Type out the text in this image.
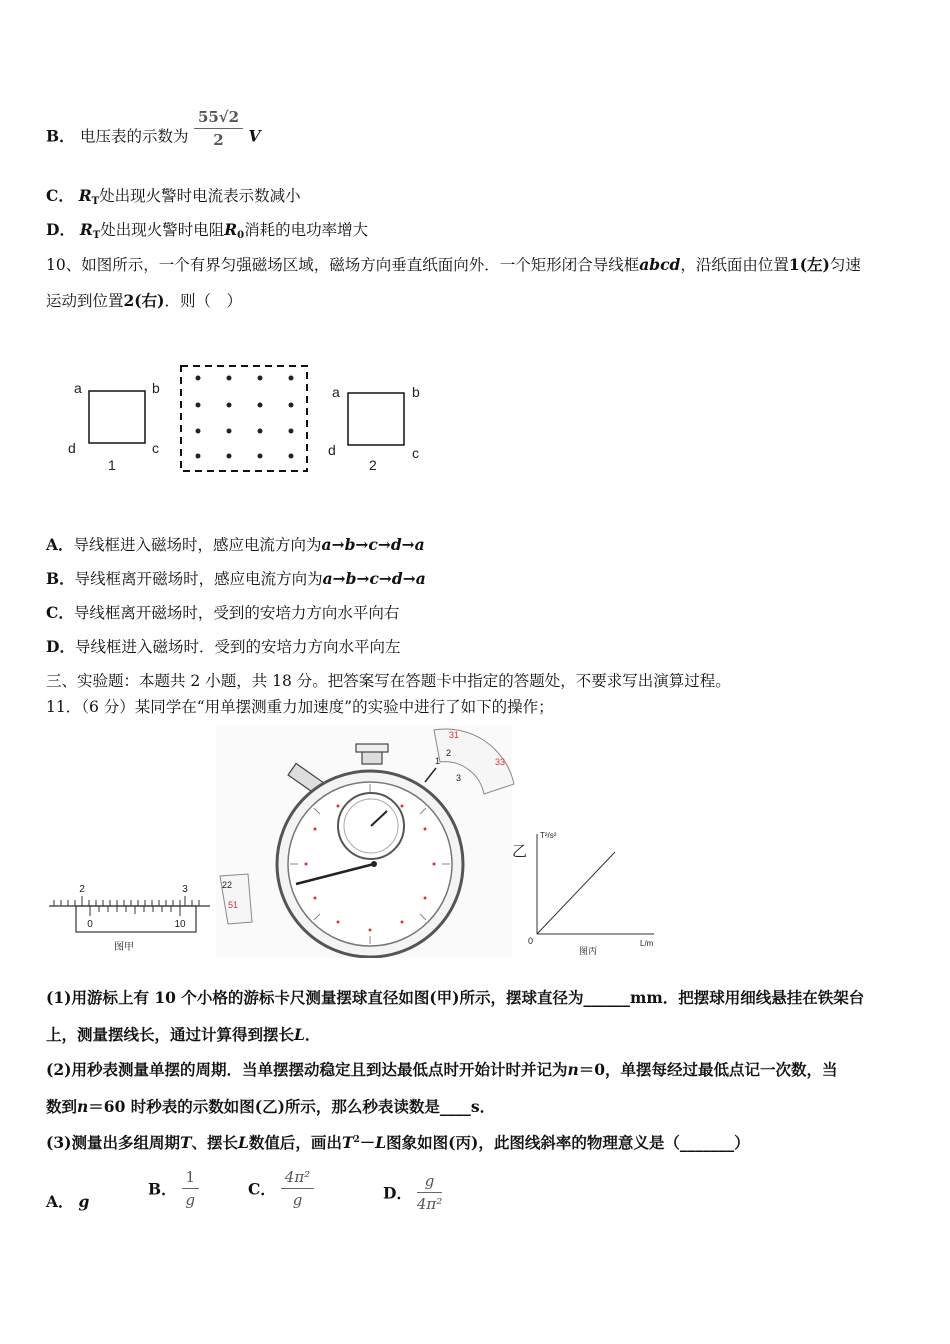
B． 电压表的示数为 $\frac{55√2}{2}$ V
C． $R_T$处出现火警时电流表示数减小
D． $R_T$处出现火警时电阻$R_0$消耗的电功率增大
10、如图所示，一个有界匀强磁场区域，磁场方向垂直纸面向外．一个矩形闭合导线框abcd，沿纸面由位置1(左)匀速
运动到位置2(右)．则（　）
a	b
d	c
1
a	b
d	c
2
A．导线框进入磁场时，感应电流方向为a→b→c→d→a
B．导线框离开磁场时，感应电流方向为a→b→c→d→a
C．导线框离开磁场时，受到的安培力方向水平向右
D．导线框进入磁场时．受到的安培力方向水平向左
三、实验题：本题共 2 小题，共 18 分。把答案写在答题卡中指定的答题处，不要求写出演算过程。
11．（6 分）某同学在“用单摆测重力加速度”的实验中进行了如下的操作；
2	3
0	10
图甲
31
33
1
2
3
22
51
乙
T²/s²
L/m
0
图丙
(1)用游标上有 10 个小格的游标卡尺测量摆球直径如图(甲)所示，摆球直径为______mm．把摆球用细线悬挂在铁架台
上，测量摆线长，通过计算得到摆长L．
(2)用秒表测量单摆的周期．当单摆摆动稳定且到达最低点时开始计时并记为n＝0，单摆每经过最低点记一次数，当
数到n＝60 时秒表的示数如图(乙)所示，那么秒表读数是____s．
(3)测量出多组周期T、摆长L数值后，画出$T^2-L$图象如图(丙)，此图线斜率的物理意义是（_______）
A． g
B． $\frac{1}{g}$	C． $\frac{\text{4π²}}{g}$	D． $\frac{g}{\text{4π²}}$
